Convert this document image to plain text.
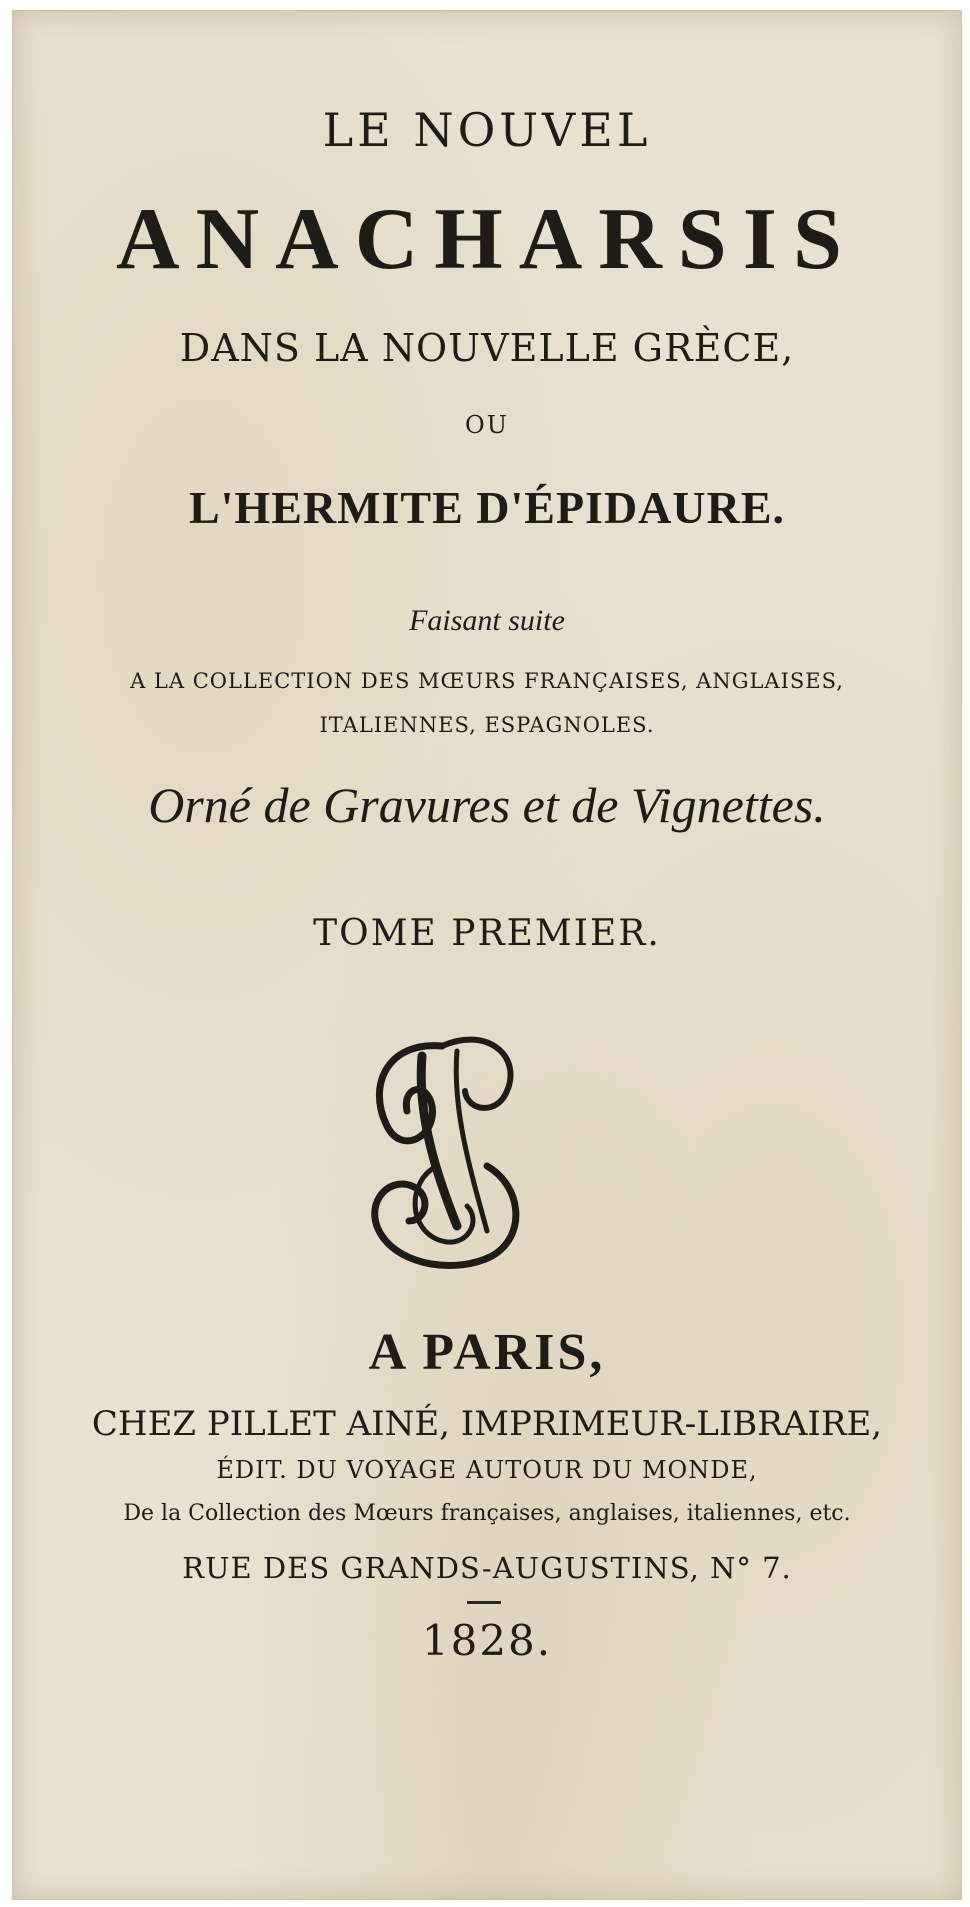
LE NOUVEL
ANACHARSIS
DANS LA NOUVELLE GRÈCE,
OU
L'HERMITE D'ÉPIDAURE.
Faisant suite
A LA COLLECTION DES MŒURS FRANÇAISES, ANGLAISES,
ITALIENNES, ESPAGNOLES.
Orné de Gravures et de Vignettes.
TOME PREMIER.
A PARIS,
CHEZ PILLET AINÉ, IMPRIMEUR-LIBRAIRE,
ÉDIT. DU VOYAGE AUTOUR DU MONDE,
De la Collection des Mœurs françaises, anglaises, italiennes, etc.
RUE DES GRANDS-AUGUSTINS, N° 7.
1828.
